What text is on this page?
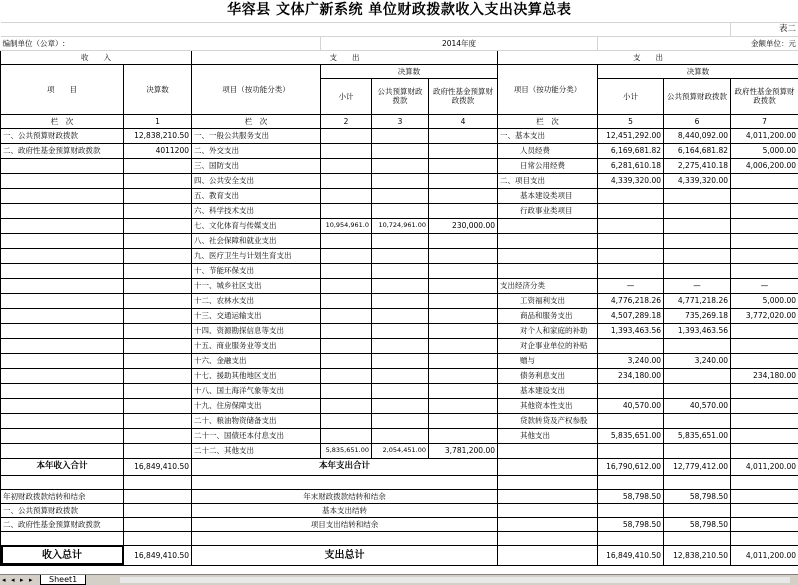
华容县 文体广新系统 单位财政拨款收入支出决算总表									
									表二
编制单位（公章）:			2014年度				金额单位：元		
收　　入		支　　出				支　　出			
项　　目	决算数	项目（按功能分类）	决算数			项目（按功能分类）	决算数		
			小计	公共预算财政拨款	政府性基金预算财政拨款		小计	公共预算财政拨款	政府性基金预算财政拨款
栏　次	1	栏　次	2	3	4	栏　次	5	6	7
一、公共预算财政拨款	12,838,210.50	一、一般公共服务支出				一、基本支出	12,451,292.00	8,440,092.00	4,011,200.00
二、政府性基金预算财政拨款	4011200	二、外交支出				人员经费	6,169,681.82	6,164,681.82	5,000.00
		三、国防支出				日常公用经费	6,281,610.18	2,275,410.18	4,006,200.00
		四、公共安全支出				二、项目支出	4,339,320.00	4,339,320.00	
		五、教育支出				基本建设类项目			
		六、科学技术支出				行政事业类项目			
		七、文化体育与传媒支出	10,954,961.0	10,724,961.00	230,000.00				
		八、社会保障和就业支出							
		九、医疗卫生与计划生育支出							
		十、节能环保支出							
		十一、城乡社区支出				支出经济分类	—	—	—
		十二、农林水支出				工资福利支出	4,776,218.26	4,771,218.26	5,000.00
		十三、交通运输支出				商品和服务支出	4,507,289.18	735,269.18	3,772,020.00
		十四、资源勘探信息等支出				对个人和家庭的补助	1,393,463.56	1,393,463.56	
		十五、商业服务业等支出				对企事业单位的补贴			
		十六、金融支出				赠与	3,240.00	3,240.00	
		十七、援助其他地区支出				债务利息支出	234,180.00		234,180.00
		十八、国土海洋气象等支出				基本建设支出			
		十九、住房保障支出				其他资本性支出	40,570.00	40,570.00	
		二十、粮油物资储备支出				贷款转贷及产权参股			
		二十一、国债还本付息支出				其他支出	5,835,651.00	5,835,651.00	
		二十二、其他支出	5,835,651.00	2,054,451.00	3,781,200.00				
本年收入合计	16,849,410.50	本年支出合计					16,790,612.00	12,779,412.00	4,011,200.00

年初财政拨款结转和结余		年末财政拨款结转和结余					58,798.50	58,798.50	
一、公共预算财政拨款		基本支出结转							
二、政府性基金预算财政拨款		项目支出结转和结余					58,798.50	58,798.50	

收入总计	16,849,410.50	支出总计					16,849,410.50	12,838,210.50	4,011,200.00
◂ ◂ ▸ ▸	Sheet1
